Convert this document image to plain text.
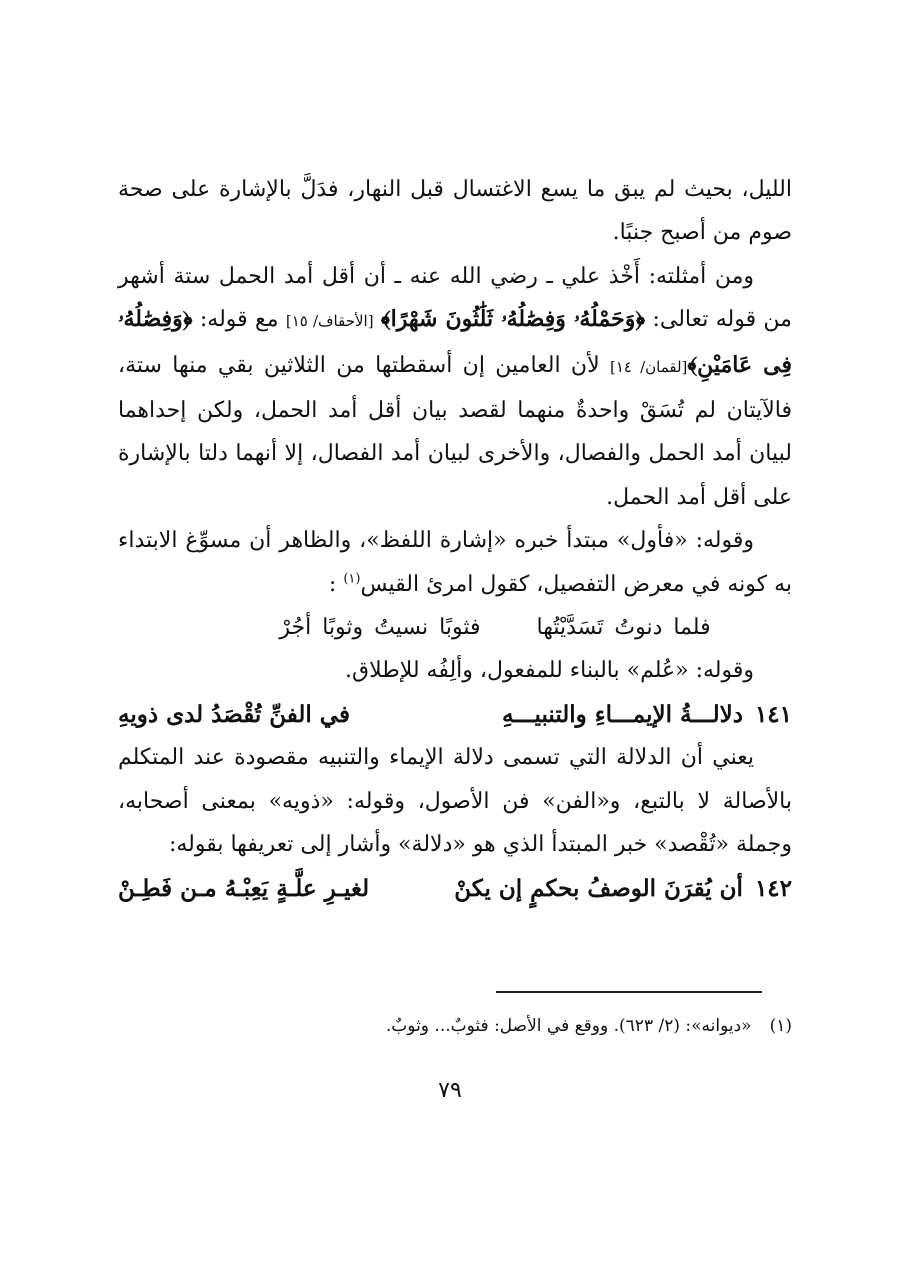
الليل، بحيث لم يبق ما يسع الاغتسال قبل النهار، فدَلَّ بالإشارة على صحة صوم من أصبح جنبًا.

ومن أمثلته: أَخْذ علي ـ رضي الله عنه ـ أن أقل أمد الحمل ستة أشهر من قوله تعالى: ﴿وَحَمْلُهُۥ وَفِصَٰلُهُۥ ثَلَٰثُونَ شَهْرًا﴾ [الأحقاف/ ١٥] مع قوله: ﴿وَفِصَٰلُهُۥ فِى عَامَيْنِ﴾[لقمان/ ١٤] لأن العامين إن أسقطتها من الثلاثين بقي منها ستة، فالآيتان لم تُسَقْ واحدةٌ منهما لقصد بيان أقل أمد الحمل، ولكن إحداهما لبيان أمد الحمل والفصال، والأخرى لبيان أمد الفصال، إلا أنهما دلتا بالإشارة على أقل أمد الحمل.

وقوله: «فأول» مبتدأ خبره «إشارة اللفظ»، والظاهر أن مسوِّغ الابتداء به كونه في معرض التفصيل، كقول امرئ القيس$^{(١)}$ :

فلما دنوتُ تَسَدَّيْتُهافثوبًا نسيتُ وثوبًا أجُرْ

وقوله: «عُلم» بالبناء للمفعول، وألِفُه للإطلاق.

١٤١
دلالـــةُ الإيمـــاءِ والتنبيـــهِ
في الفنِّ تُقْصَدُ لدى ذويهِ

يعني أن الدلالة التي تسمى دلالة الإيماء والتنبيه مقصودة عند المتكلم بالأصالة لا بالتبع، و«الفن» فن الأصول، وقوله: «ذويه» بمعنى أصحابه، وجملة «تُقْصد» خبر المبتدأ الذي هو «دلالة» وأشار إلى تعريفها بقوله:

١٤٢
أن يُقرَنَ الوصفُ بحكمٍ إن يكنْ
لغيـرِ علَّـةٍ يَعِبْـهُ مـن فَطِـنْ
(١)«ديوانه»: (٢/ ٦٢٣). ووقع في الأصل: فثوبٌ... وثوبٌ.
٧٩
